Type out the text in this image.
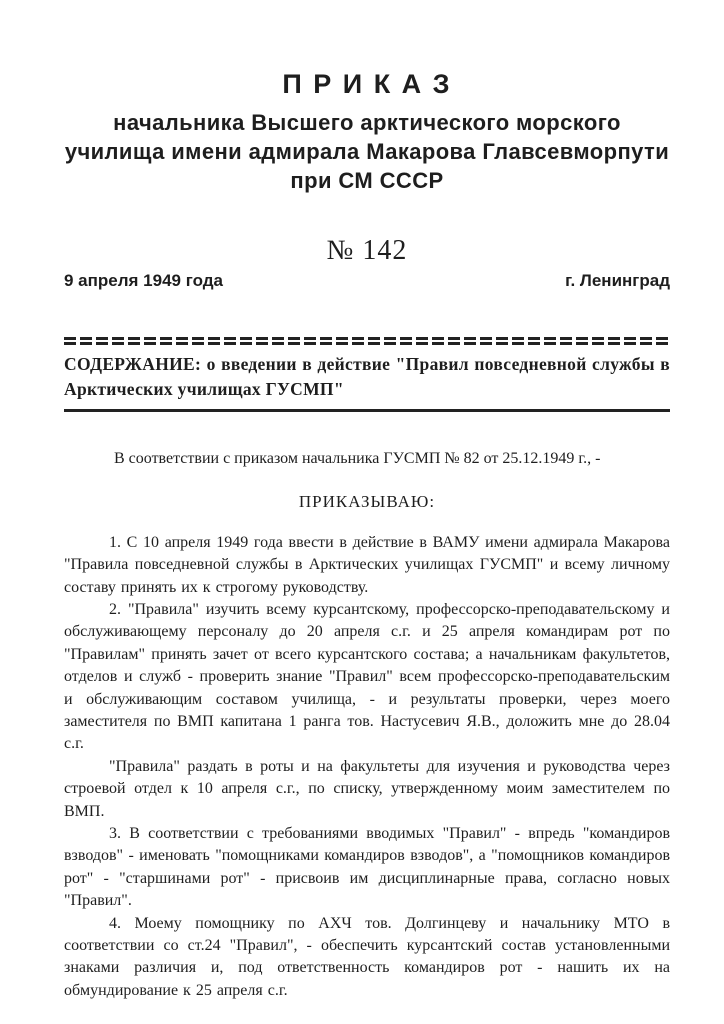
П Р И К А З
начальника Высшего арктического морского училища имени адмирала Макарова Главсевморпути при СМ СССР
№ 142
9 апреля 1949 года	г. Ленинград
СОДЕРЖАНИЕ: о введении в действие "Правил повседневной службы в Арктических училищах ГУСМП"
В соответствии с приказом начальника ГУСМП № 82 от 25.12.1949 г., -
ПРИКАЗЫВАЮ:

1. С 10 апреля 1949 года ввести в действие в ВАМУ имени адмирала Макарова "Правила повседневной службы в Арктических училищах ГУСМП" и всему личному составу принять их к строгому руководству.

2. "Правила" изучить всему курсантскому, профессорско-преподавательскому и обслуживающему персоналу до 20 апреля с.г. и 25 апреля командирам рот по "Правилам" принять зачет от всего курсантского состава; а начальникам факультетов, отделов и служб - проверить знание "Правил" всем профессорско-преподавательским и обслуживающим составом училища, - и результаты проверки, через моего заместителя по ВМП капитана 1 ранга тов. Настусевич Я.В., доложить мне до 28.04 с.г.

"Правила" раздать в роты и на факультеты для изучения и руководства через строевой отдел к 10 апреля с.г., по списку, утвержденному моим заместителем по ВМП.

3. В соответствии с требованиями вводимых "Правил" - впредь "командиров взводов" - именовать "помощниками командиров взводов", а "помощников командиров рот" - "старшинами рот" - присвоив им дисциплинарные права, согласно новых "Правил".

4. Моему помощнику по АХЧ тов. Долгинцеву и начальнику МТО в соответствии со ст.24 "Правил", - обеспечить курсантский состав установленными знаками различия и, под ответственность командиров рот - нашить их на обмундирование к 25 апреля с.г.
